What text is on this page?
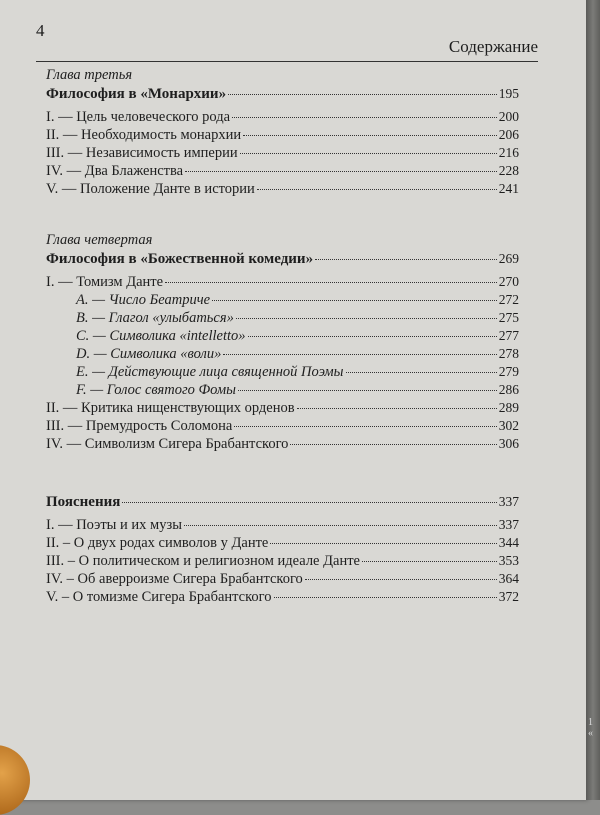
4
Содержание
Глава третья
Философия в «Монархии»	195
I. — Цель человеческого рода	200
II. — Необходимость монархии	206
III. — Независимость империи	216
IV. — Два Блаженства	228
V. — Положение Данте в истории	241
Глава четвертая
Философия в «Божественной комедии»	269
I. — Томизм Данте	270
A. — Число Беатриче	272
B. — Глагол «улыбаться»	275
C. — Символика «intelletto»	277
D. — Символика «воли»	278
E. — Действующие лица священной Поэмы	279
F. — Голос святого Фомы	286
II. — Критика нищенствующих орденов	289
III. — Премудрость Соломона	302
IV. — Символизм Сигера Брабантского	306
Пояснения	337
I. — Поэты и их музы	337
II. – О двух родах символов у Данте	344
III. – О политическом и религиозном идеале Данте	353
IV. – Об аверроизме Сигера Брабантского	364
V. – О томизме Сигера Брабантского	372
1 «
